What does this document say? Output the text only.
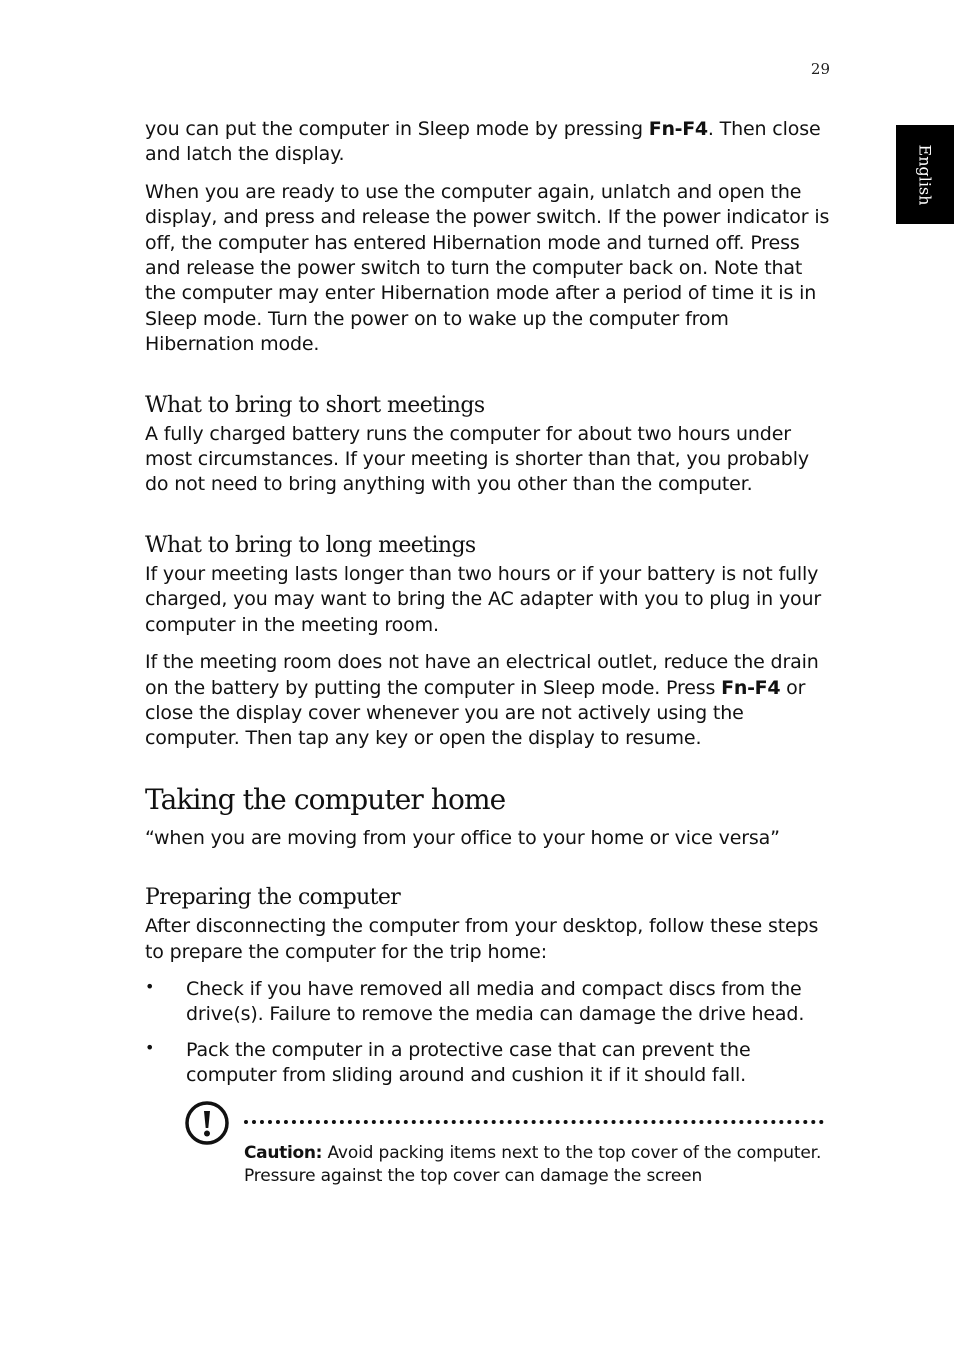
29
English

you can put the computer in Sleep mode by pressing Fn-F4. Then close and latch the display.

When you are ready to use the computer again, unlatch and open the display, and press and release the power switch. If the power indicator is off, the computer has entered Hibernation mode and turned off. Press and release the power switch to turn the computer back on. Note that the computer may enter Hibernation mode after a period of time it is in Sleep mode. Turn the power on to wake up the computer from Hibernation mode.

What to bring to short meetings

A fully charged battery runs the computer for about two hours under most circumstances. If your meeting is shorter than that, you probably do not need to bring anything with you other than the computer.

What to bring to long meetings

If your meeting lasts longer than two hours or if your battery is not fully charged, you may want to bring the AC adapter with you to plug in your computer in the meeting room.

If the meeting room does not have an electrical outlet, reduce the drain on the battery by putting the computer in Sleep mode. Press Fn-F4 or close the display cover whenever you are not actively using the computer. Then tap any key or open the display to resume.

Taking the computer home

“when you are moving from your office to your home or vice versa”

Preparing the computer

After disconnecting the computer from your desktop, follow these steps to prepare the computer for the trip home:

• Check if you have removed all media and compact discs from the drive(s). Failure to remove the media can damage the drive head.

• Pack the computer in a protective case that can prevent the computer from sliding around and cushion it if it should fall.

Caution: Avoid packing items next to the top cover of the computer. Pressure against the top cover can damage the screen
